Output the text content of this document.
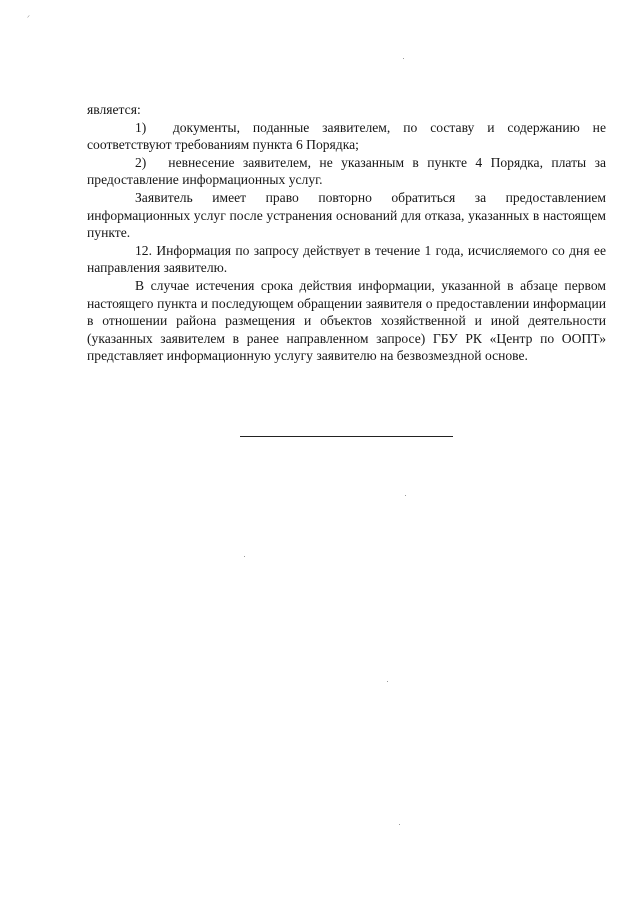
ᐟ

является:

1)  документы, поданные заявителем, по составу и содержанию не соответствуют требованиям пункта 6 Порядка;

2)  невнесение заявителем, не указанным в пункте 4 Порядка, платы за предоставление информационных услуг.

Заявитель имеет право повторно обратиться за предоставлением информационных услуг после устранения оснований для отказа, указанных в настоящем пункте.

12. Информация по запросу действует в течение 1 года, исчисляемого со дня ее направления заявителю.

В случае истечения срока действия информации, указанной в абзаце первом настоящего пункта и последующем обращении заявителя о предоставлении информации в отношении района размещения и объектов хозяйственной и иной деятельности (указанных заявителем в ранее направленном запросе) ГБУ РК «Центр по ООПТ» представляет информационную услугу заявителю на безвозмездной основе.
